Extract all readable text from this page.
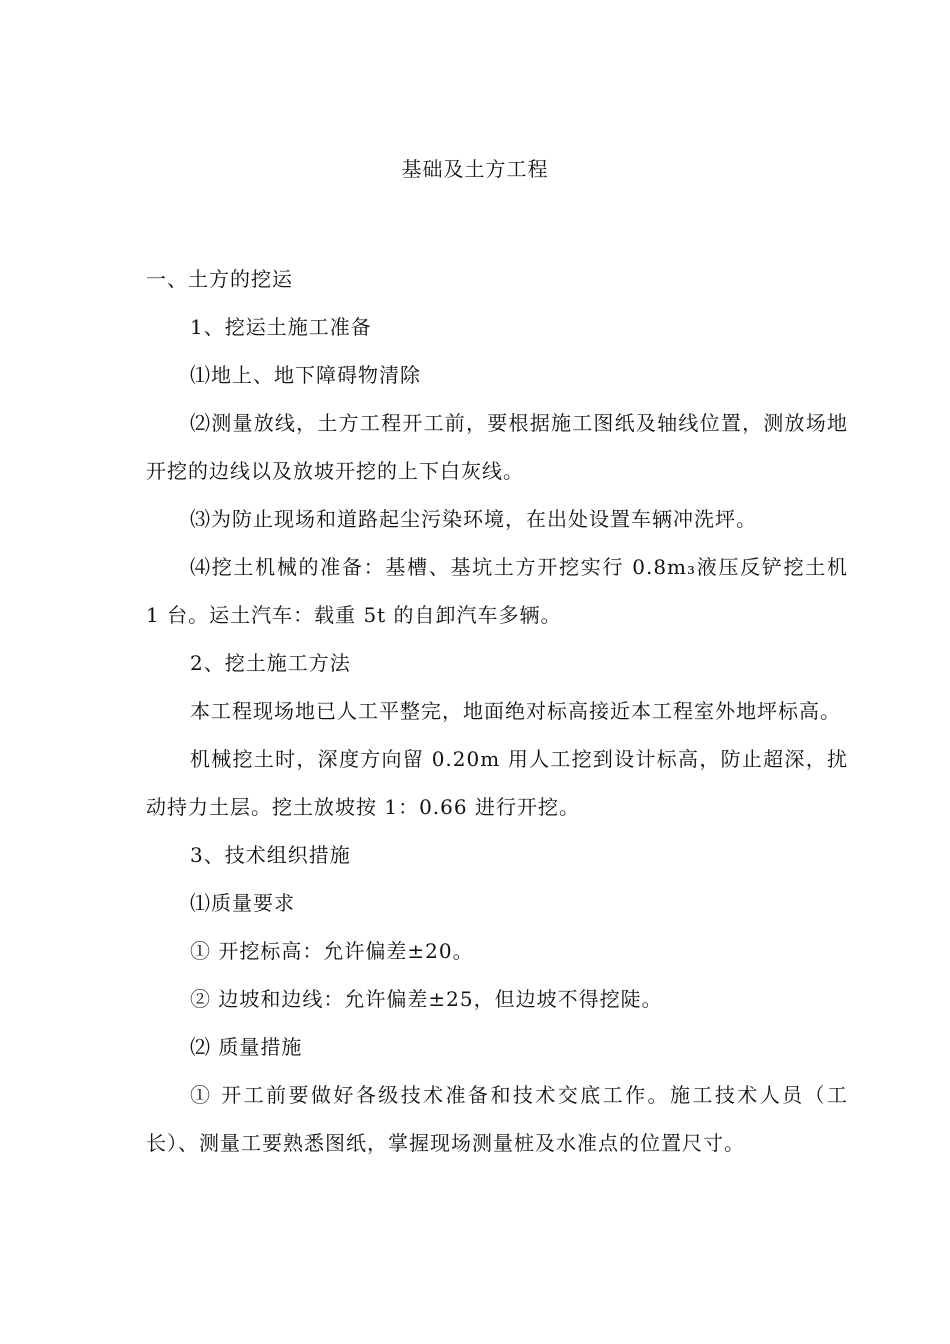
基础及土方工程

一、土方的挖运

1、挖运土施工准备

⑴地上、地下障碍物清除

⑵测量放线，土方工程开工前，要根据施工图纸及轴线位置，测放场地开挖的边线以及放坡开挖的上下白灰线。

⑶为防止现场和道路起尘污染环境，在出处设置车辆冲洗坪。

⑷挖土机械的准备：基槽、基坑土方开挖实行 0.8m₃液压反铲挖土机 1 台。运土汽车：载重 5t 的自卸汽车多辆。

2、挖土施工方法

本工程现场地已人工平整完，地面绝对标高接近本工程室外地坪标高。

机械挖土时，深度方向留 0.20m 用人工挖到设计标高，防止超深，扰动持力土层。挖土放坡按 1：0.66 进行开挖。

3、技术组织措施

⑴质量要求

① 开挖标高：允许偏差±20。

② 边坡和边线：允许偏差±25，但边坡不得挖陡。

⑵ 质量措施

① 开工前要做好各级技术准备和技术交底工作。施工技术人员（工长）、测量工要熟悉图纸，掌握现场测量桩及水准点的位置尺寸。
